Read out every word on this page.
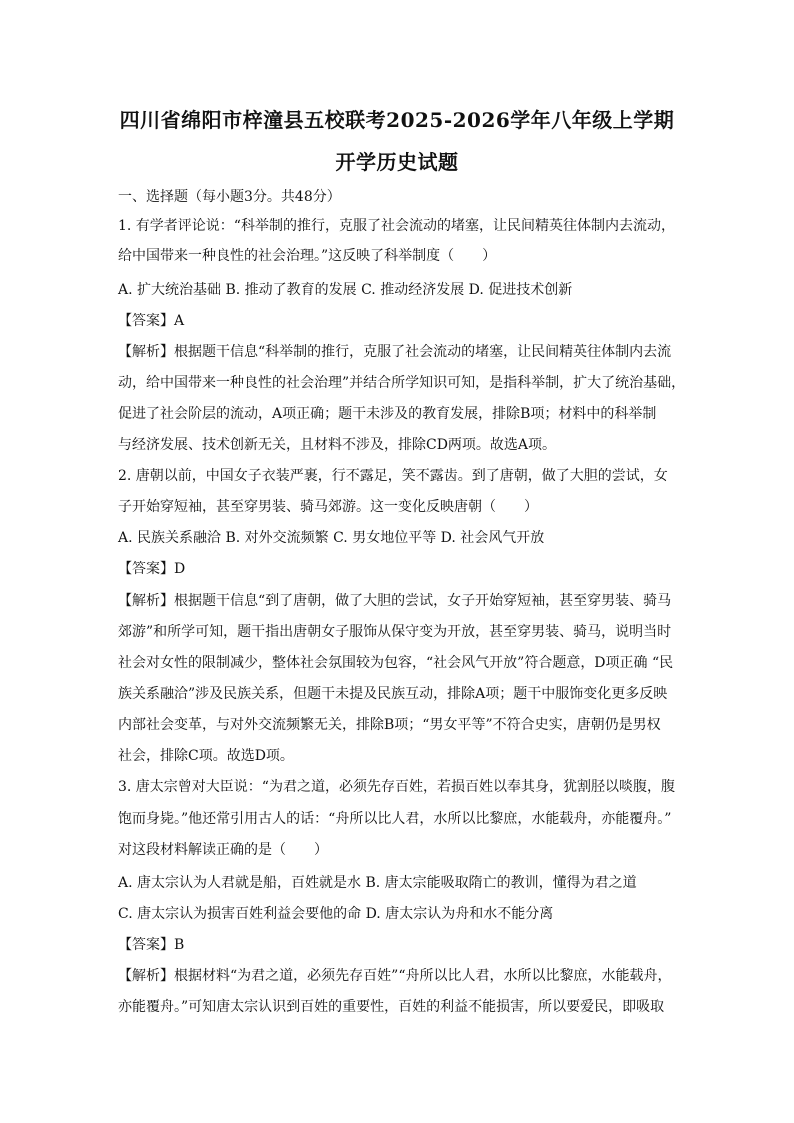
四川省绵阳市梓潼县五校联考2025-2026学年八年级上学期
开学历史试题
一、选择题（每小题3分。共48分）
1. 有学者评论说：“科举制的推行，克服了社会流动的堵塞，让民间精英往体制内去流动，
给中国带来一种良性的社会治理。”这反映了科举制度（　　）
A. 扩大统治基础 B. 推动了教育的发展 C. 推动经济发展 D. 促进技术创新
【答案】A
【解析】根据题干信息“科举制的推行，克服了社会流动的堵塞，让民间精英往体制内去流
动，给中国带来一种良性的社会治理”并结合所学知识可知，是指科举制，扩大了统治基础，
促进了社会阶层的流动，A项正确；题干未涉及的教育发展，排除B项；材料中的科举制
与经济发展、技术创新无关，且材料不涉及，排除CD两项。故选A项。
2. 唐朝以前，中国女子衣装严裹，行不露足，笑不露齿。到了唐朝，做了大胆的尝试，女
子开始穿短袖，甚至穿男装、骑马郊游。这一变化反映唐朝（　　）
A. 民族关系融洽 B. 对外交流频繁 C. 男女地位平等 D. 社会风气开放
【答案】D
【解析】根据题干信息“到了唐朝，做了大胆的尝试，女子开始穿短袖，甚至穿男装、骑马
郊游”和所学可知，题干指出唐朝女子服饰从保守变为开放，甚至穿男装、骑马，说明当时
社会对女性的限制减少，整体社会氛围较为包容，“社会风气开放”符合题意，D项正确 “民
族关系融洽”涉及民族关系，但题干未提及民族互动，排除A项；题干中服饰变化更多反映
内部社会变革，与对外交流频繁无关，排除B项；“男女平等”不符合史实，唐朝仍是男权
社会，排除C项。故选D项。
3. 唐太宗曾对大臣说：“为君之道，必须先存百姓，若损百姓以奉其身，犹割胫以啖腹，腹
饱而身毙。”他还常引用古人的话：“舟所以比人君，水所以比黎庶，水能载舟，亦能覆舟。”
对这段材料解读正确的是（　　）
A. 唐太宗认为人君就是船，百姓就是水 B. 唐太宗能吸取隋亡的教训，懂得为君之道
C. 唐太宗认为损害百姓利益会要他的命 D. 唐太宗认为舟和水不能分离
【答案】B
【解析】根据材料“为君之道，必须先存百姓”“舟所以比人君，水所以比黎庶，水能载舟，
亦能覆舟。”可知唐太宗认识到百姓的重要性，百姓的利益不能损害，所以要爱民，即吸取
